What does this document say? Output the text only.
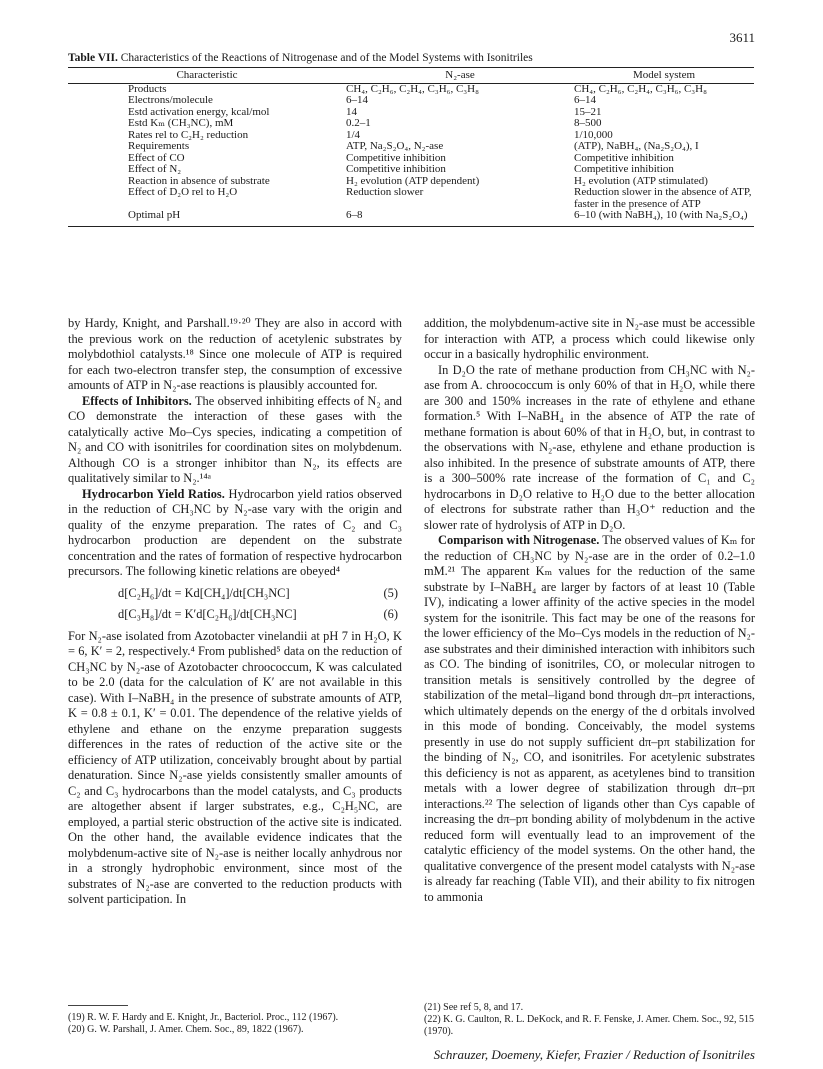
3611
Table VII. Characteristics of the Reactions of Nitrogenase and of the Model Systems with Isonitriles
Characteristic	N₂-ase	Model system
Products	CH₄, C₂H₆, C₂H₄, C₃H₆, C₃H₈	CH₄, C₂H₆, C₂H₄, C₃H₆, C₃H₈
Electrons/molecule	6–14	6–14
Estd activation energy, kcal/mol	14	15–21
Estd Kₘ (CH₃NC), mM	0.2–1	8–500
Rates rel to C₂H₂ reduction	1/4	1/10,000
Requirements	ATP, Na₂S₂O₄, N₂-ase	(ATP), NaBH₄, (Na₂S₂O₄), I
Effect of CO	Competitive inhibition	Competitive inhibition
Effect of N₂	Competitive inhibition	Competitive inhibition
Reaction in absence of substrate	H₂ evolution (ATP dependent)	H₂ evolution (ATP stimulated)
Effect of D₂O rel to H₂O	Reduction slower	Reduction slower in the absence of ATP, faster in the presence of ATP
Optimal pH	6–8	6–10 (with NaBH₄), 10 (with Na₂S₂O₄)

by Hardy, Knight, and Parshall.¹⁹·²⁰ They are also in accord with the previous work on the reduction of acetylenic substrates by molybdothiol catalysts.¹⁸ Since one molecule of ATP is required for each two-electron transfer step, the consumption of excessive amounts of ATP in N₂-ase reactions is plausibly accounted for.

Effects of Inhibitors. The observed inhibiting effects of N₂ and CO demonstrate the interaction of these gases with the catalytically active Mo–Cys species, indicating a competition of N₂ and CO with isonitriles for coordination sites on molybdenum. Although CO is a stronger inhibitor than N₂, its effects are qualitatively similar to N₂.¹⁴ᵃ

Hydrocarbon Yield Ratios. Hydrocarbon yield ratios observed in the reduction of CH₃NC by N₂-ase vary with the origin and quality of the enzyme preparation. The rates of C₂ and C₃ hydrocarbon production are dependent on the substrate concentration and the rates of formation of respective hydrocarbon precursors. The following kinetic relations are obeyed⁴

d[C₂H₆]/dt = Kd[CH₄]/dt[CH₃NC]	(5)
d[C₃H₈]/dt = K′d[C₂H₆]/dt[CH₃NC]	(6)

For N₂-ase isolated from Azotobacter vinelandii at pH 7 in H₂O, K = 6, K′ = 2, respectively.⁴ From published⁵ data on the reduction of CH₃NC by N₂-ase of Azotobacter chroococcum, K was calculated to be 2.0 (data for the calculation of K′ are not available in this case). With I–NaBH₄ in the presence of substrate amounts of ATP, K = 0.8 ± 0.1, K′ = 0.01. The dependence of the relative yields of ethylene and ethane on the enzyme preparation suggests differences in the rates of reduction of the active site or the efficiency of ATP utilization, conceivably brought about by partial denaturation. Since N₂-ase yields consistently smaller amounts of C₂ and C₃ hydrocarbons than the model catalysts, and C₃ products are altogether absent if larger substrates, e.g., C₂H₅NC, are employed, a partial steric obstruction of the active site is indicated. On the other hand, the available evidence indicates that the molybdenum-active site of N₂-ase is neither locally anhydrous nor in a strongly hydrophobic environment, since most of the substrates of N₂-ase are converted to the reduction products with solvent participation. In

addition, the molybdenum-active site in N₂-ase must be accessible for interaction with ATP, a process which could likewise only occur in a basically hydrophilic environment.

In D₂O the rate of methane production from CH₃NC with N₂-ase from A. chroococcum is only 60% of that in H₂O, while there are 300 and 150% increases in the rate of ethylene and ethane formation.⁵ With I–NaBH₄ in the absence of ATP the rate of methane formation is about 60% of that in H₂O, but, in contrast to the observations with N₂-ase, ethylene and ethane production is also inhibited. In the presence of substrate amounts of ATP, there is a 300–500% rate increase of the formation of C₁ and C₂ hydrocarbons in D₂O relative to H₂O due to the better allocation of electrons for substrate rather than H₃O⁺ reduction and the slower rate of hydrolysis of ATP in D₂O.

Comparison with Nitrogenase. The observed values of Kₘ for the reduction of CH₃NC by N₂-ase are in the order of 0.2–1.0 mM.²¹ The apparent Kₘ values for the reduction of the same substrate by I–NaBH₄ are larger by factors of at least 10 (Table IV), indicating a lower affinity of the active species in the model system for the isonitrile. This fact may be one of the reasons for the lower efficiency of the Mo–Cys models in the reduction of N₂-ase substrates and their diminished interaction with inhibitors such as CO. The binding of isonitriles, CO, or molecular nitrogen to transition metals is sensitively controlled by the degree of stabilization of the metal–ligand bond through dπ–pπ interactions, which ultimately depends on the energy of the d orbitals involved in this mode of bonding. Conceivably, the model systems presently in use do not supply sufficient dπ–pπ stabilization for the binding of N₂, CO, and isonitriles. For acetylenic substrates this deficiency is not as apparent, as acetylenes bind to transition metals with a lower degree of stabilization through dπ–pπ interactions.²² The selection of ligands other than Cys capable of increasing the dπ–pπ bonding ability of molybdenum in the active reduced form will eventually lead to an improvement of the catalytic efficiency of the model systems. On the other hand, the qualitative convergence of the present model catalysts with N₂-ase is already far reaching (Table VII), and their ability to fix nitrogen to ammonia

(19) R. W. F. Hardy and E. Knight, Jr., Bacteriol. Proc., 112 (1967).
(20) G. W. Parshall, J. Amer. Chem. Soc., 89, 1822 (1967).
(21) See ref 5, 8, and 17.
(22) K. G. Caulton, R. L. DeKock, and R. F. Fenske, J. Amer. Chem. Soc., 92, 515 (1970).
Schrauzer, Doemeny, Kiefer, Frazier / Reduction of Isonitriles
